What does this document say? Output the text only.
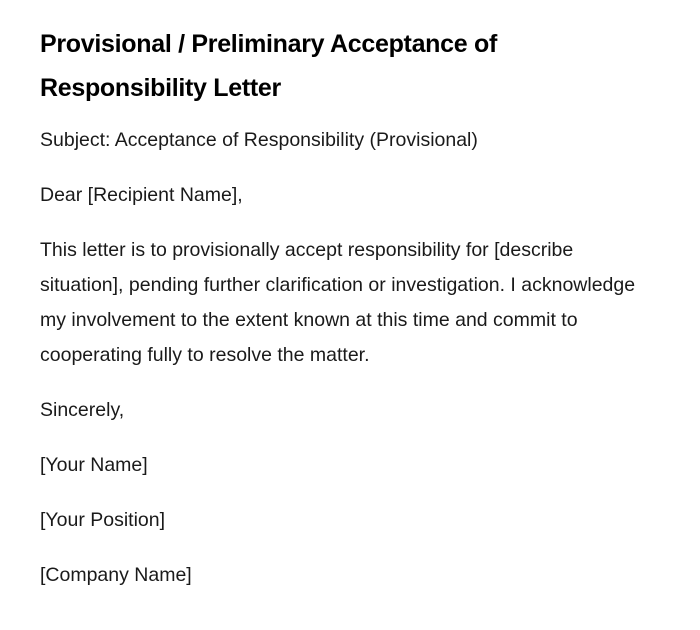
Provisional / Preliminary Acceptance of Responsibility Letter

Subject: Acceptance of Responsibility (Provisional)

Dear [Recipient Name],

This letter is to provisionally accept responsibility for [describe situation], pending further clarification or investigation. I acknowledge my involvement to the extent known at this time and commit to cooperating fully to resolve the matter.

Sincerely,

[Your Name]

[Your Position]

[Company Name]
